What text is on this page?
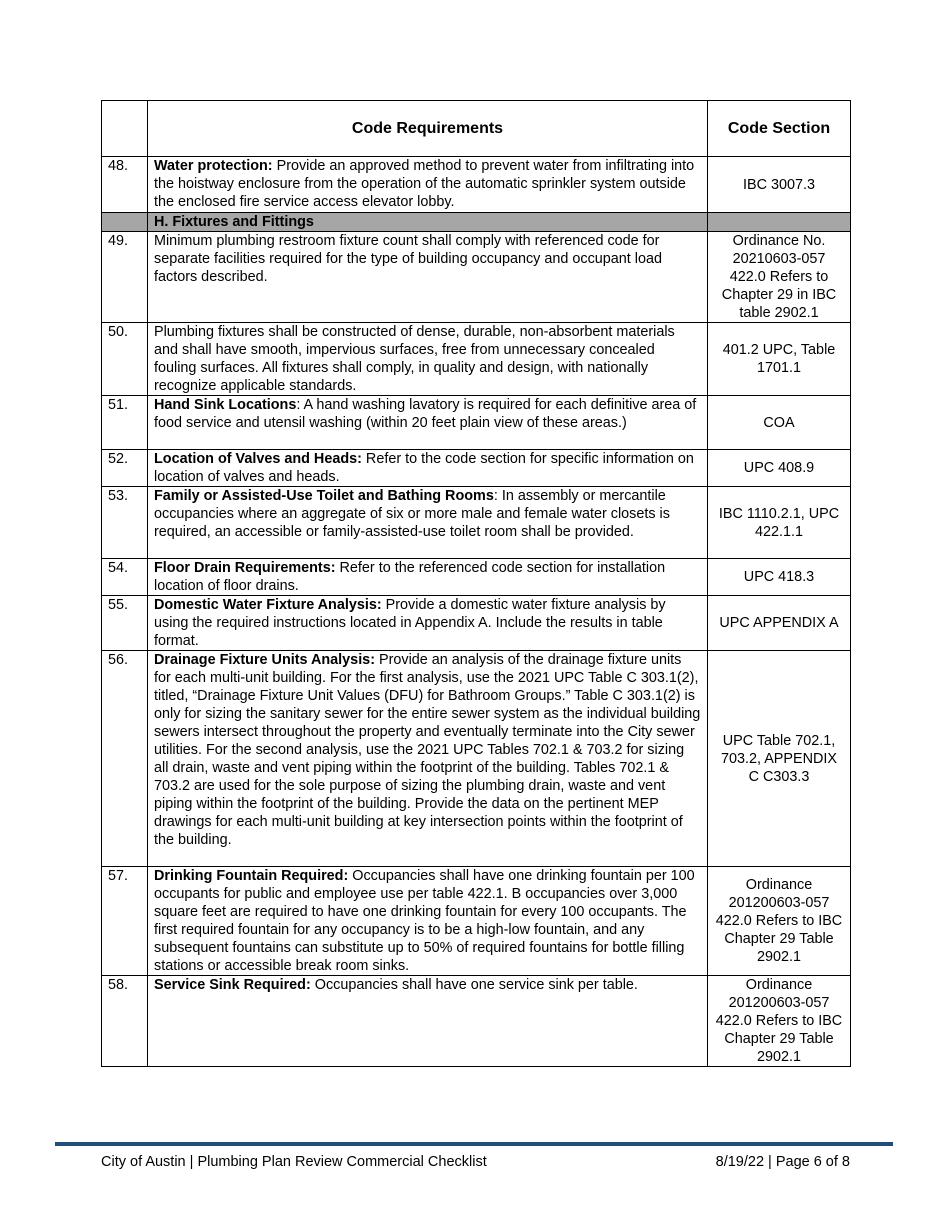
	Code Requirements	Code Section
48.	Water protection: Provide an approved method to prevent water from infiltrating into the hoistway enclosure from the operation of the automatic sprinkler system outside the enclosed fire service access elevator lobby.	IBC 3007.3
	H. Fixtures and Fittings	
49.	Minimum plumbing restroom fixture count shall comply with referenced code for separate facilities required for the type of building occupancy and occupant load factors described.	Ordinance No. 20210603-057 422.0 Refers to Chapter 29 in IBC table 2902.1
50.	Plumbing fixtures shall be constructed of dense, durable, non-absorbent materials and shall have smooth, impervious surfaces, free from unnecessary concealed fouling surfaces. All fixtures shall comply, in quality and design, with nationally recognize applicable standards.	401.2 UPC, Table 1701.1
51.	Hand Sink Locations: A hand washing lavatory is required for each definitive area of food service and utensil washing (within 20 feet plain view of these areas.)	COA
52.	Location of Valves and Heads: Refer to the code section for specific information on location of valves and heads.	UPC 408.9
53.	Family or Assisted-Use Toilet and Bathing Rooms: In assembly or mercantile occupancies where an aggregate of six or more male and female water closets is required, an accessible or family-assisted-use toilet room shall be provided.	IBC 1110.2.1, UPC 422.1.1
54.	Floor Drain Requirements: Refer to the referenced code section for installation location of floor drains.	UPC 418.3
55.	Domestic Water Fixture Analysis: Provide a domestic water fixture analysis by using the required instructions located in Appendix A. Include the results in table format.	UPC APPENDIX A
56.	Drainage Fixture Units Analysis: Provide an analysis of the drainage fixture units for each multi-unit building. For the first analysis, use the 2021 UPC Table C 303.1(2), titled, “Drainage Fixture Unit Values (DFU) for Bathroom Groups.” Table C 303.1(2) is only for sizing the sanitary sewer for the entire sewer system as the individual building sewers intersect throughout the property and eventually terminate into the City sewer utilities. For the second analysis, use the 2021 UPC Tables 702.1 & 703.2 for sizing all drain, waste and vent piping within the footprint of the building. Tables 702.1 & 703.2 are used for the sole purpose of sizing the plumbing drain, waste and vent piping within the footprint of the building. Provide the data on the pertinent MEP drawings for each multi-unit building at key intersection points within the footprint of the building.	UPC Table 702.1, 703.2, APPENDIX C C303.3
57.	Drinking Fountain Required: Occupancies shall have one drinking fountain per 100 occupants for public and employee use per table 422.1. B occupancies over 3,000 square feet are required to have one drinking fountain for every 100 occupants. The first required fountain for any occupancy is to be a high-low fountain, and any subsequent fountains can substitute up to 50% of required fountains for bottle filling stations or accessible break room sinks.	Ordinance 201200603-057 422.0 Refers to IBC Chapter 29 Table 2902.1
58.	Service Sink Required: Occupancies shall have one service sink per table.	Ordinance 201200603-057 422.0 Refers to IBC Chapter 29 Table 2902.1
City of Austin | Plumbing Plan Review Commercial Checklist	8/19/22 | Page 6 of 8
